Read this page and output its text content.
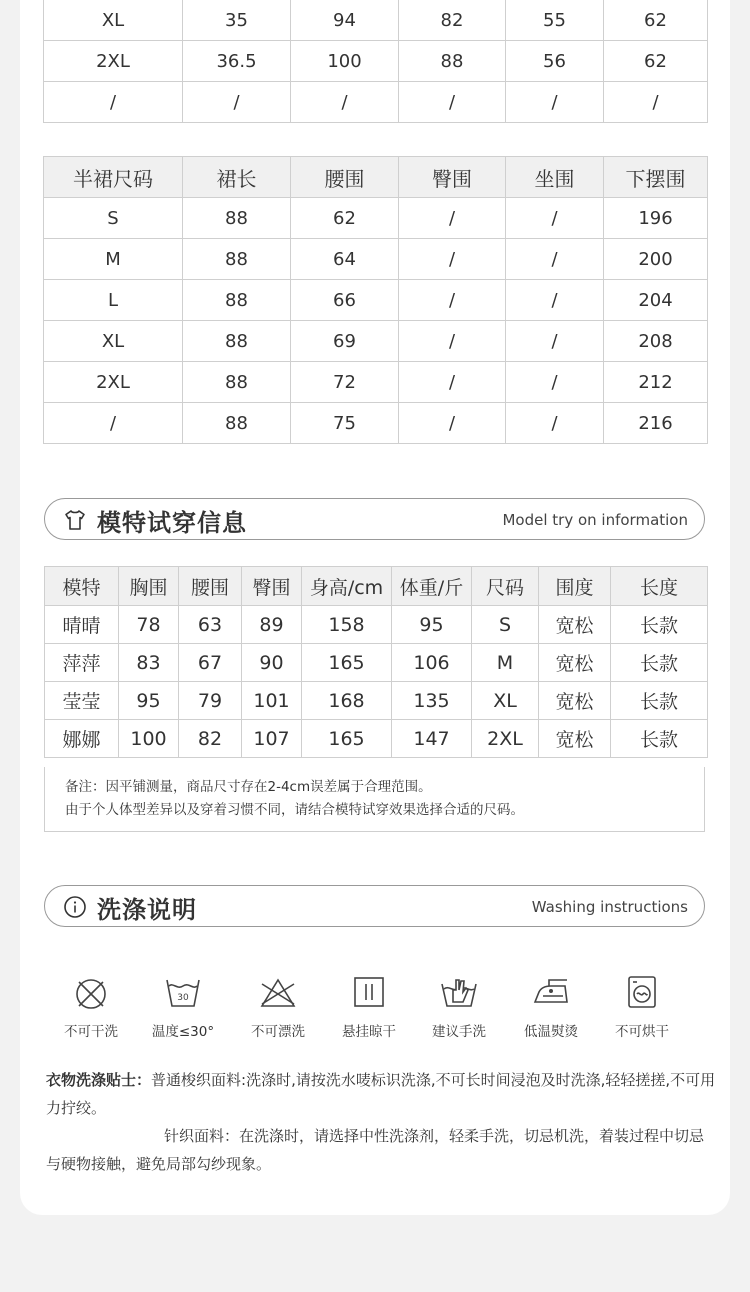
XL	35	94	82	55	62
2XL	36.5	100	88	56	62
/	/	/	/	/	/
半裙尺码	裙长	腰围	臀围	坐围	下摆围
S	88	62	/	/	196
M	88	64	/	/	200
L	88	66	/	/	204
XL	88	69	/	/	208
2XL	88	72	/	/	212
/	88	75	/	/	216
模特试穿信息	Model try on information
模特	胸围	腰围	臀围	身高/cm	体重/斤	尺码	围度	长度
晴晴	78	63	89	158	95	S	宽松	长款
萍萍	83	67	90	165	106	M	宽松	长款
莹莹	95	79	101	168	135	XL	宽松	长款
娜娜	100	82	107	165	147	2XL	宽松	长款
备注：因平铺测量，商品尺寸存在2-4cm误差属于合理范围。
由于个人体型差异以及穿着习惯不同，请结合模特试穿效果选择合适的尺码。
洗涤说明	Washing instructions
不可干洗
30
温度≤30°	不可漂洗	悬挂晾干	建议手洗	低温熨烫	不可烘干
衣物洗涤贴士：普通梭织面料:洗涤时,请按洗水唛标识洗涤,不可长时间浸泡及时洗涤,轻轻搓搓,不可用力拧绞。
针织面料：在洗涤时，请选择中性洗涤剂，轻柔手洗，切忌机洗，着装过程中切忌与硬物接触，避免局部勾纱现象。
